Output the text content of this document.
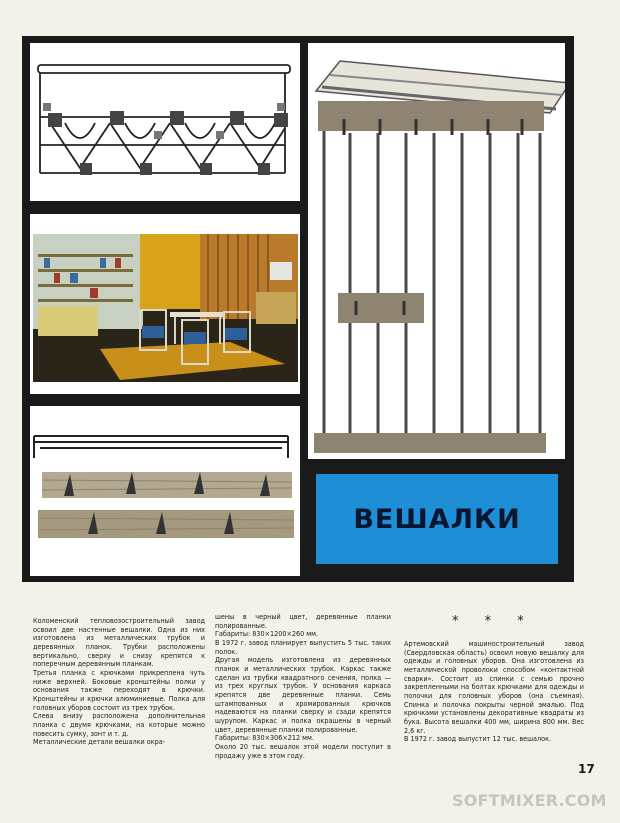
ВЕШАЛКИ

Коломенский тепловозостроительный завод освоил две настенные вешалки. Одна из них изготовлена из металлических трубок и деревянных планок. Трубки расположены вертикально, сверху и снизу крепятся к поперечным деревянным планкам.

Третья планка с крючками прикреплена чуть ниже верхней. Боковые кронштейны полки у основания также переходят в крючки. Кронштейны и крючки алюминиевые. Полка для головных уборов состоит из трех трубок.

Слева внизу расположена дополнительная планка с двумя крючками, на которые можно повесить сумку, зонт и т. д.

Металлические детали вешалки окра-

шены в черный цвет, деревянные планки полированные.

Габариты: 830×1200×260 мм.

В 1972 г. завод планирует выпустить 5 тыс. таких полок.

Другая модель изготовлена из деревянных планок и металлических трубок. Каркас также сделан из трубки квадратного сечения, полка — из трех круглых трубок. У основания каркаса крепятся две деревянные планки. Семь штампованных и хромированных крючков надеваются на планки сверху и сзади крепятся шурупом. Каркас и полка окрашены в черный цвет, деревянные планки полированные.

Габариты: 830×306×212 мм.

Около 20 тыс. вешалок этой модели поступит в продажу уже в этом году.

* * *

Артемовский машиностроительный завод (Свердловская область) освоил новую вешалку для одежды и головных уборов. Она изготовлена из металлической проволоки способом «контактной сварки». Состоит из спинки с семью прочно закрепленными на болтах крючками для одежды и полочки для головных уборов (она съемная). Спинка и полочка покрыты черной эмалью. Под крючками установлены декоративные квадраты из бука. Высота вешалки 400 мм, ширина 800 мм. Вес 2,6 кг.

В 1972 г. завод выпустит 12 тыс. вешалок.

17
SOFTMIXER.COM
